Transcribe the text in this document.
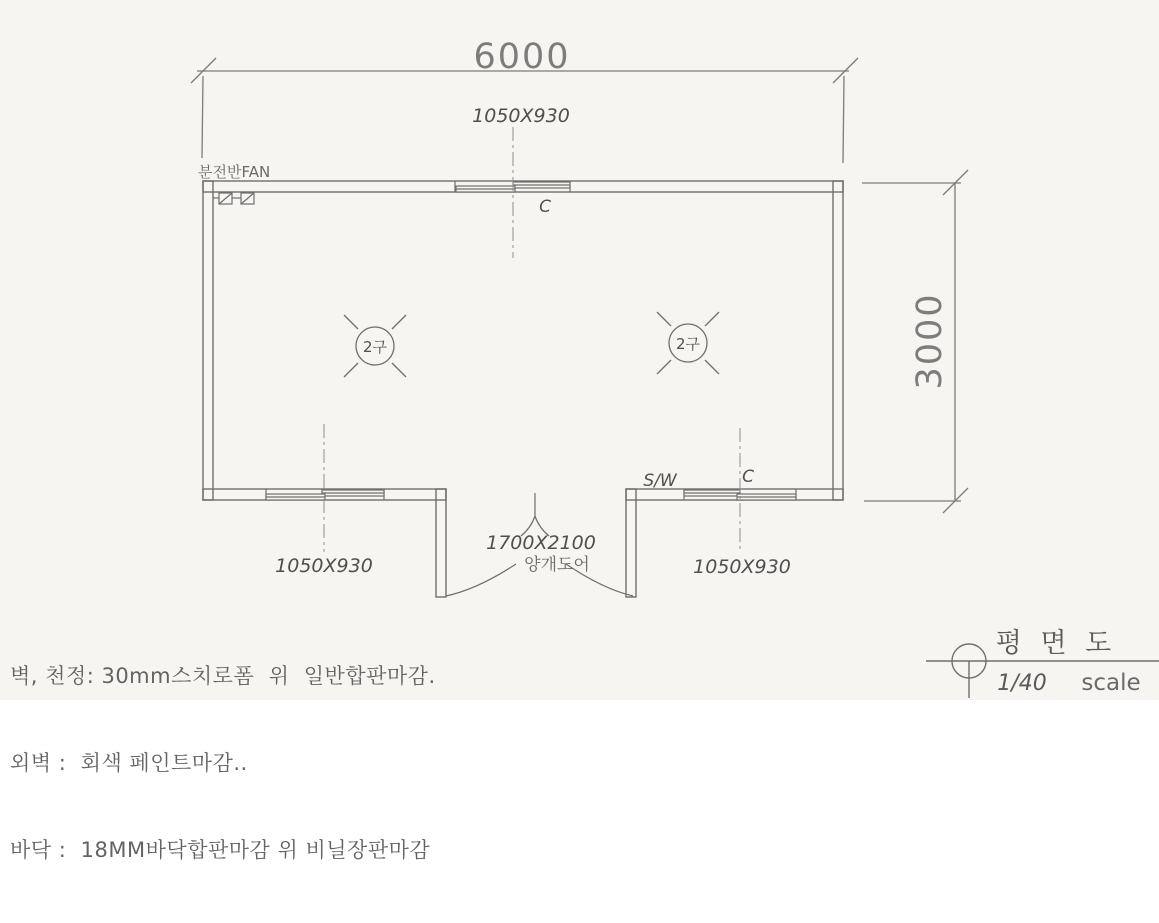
6000
3000
1050X930
C
1050X930	1050X930
C
S/W
1700X2100
양개도어
분전반FAN
2구	2구
평 면 도
1/40 scale

벽, 천정: 30mm스치로폼  위  일반합판마감.

외벽 :  회색 페인트마감..

바닥 :  18MM바닥합판마감 위 비닐장판마감
